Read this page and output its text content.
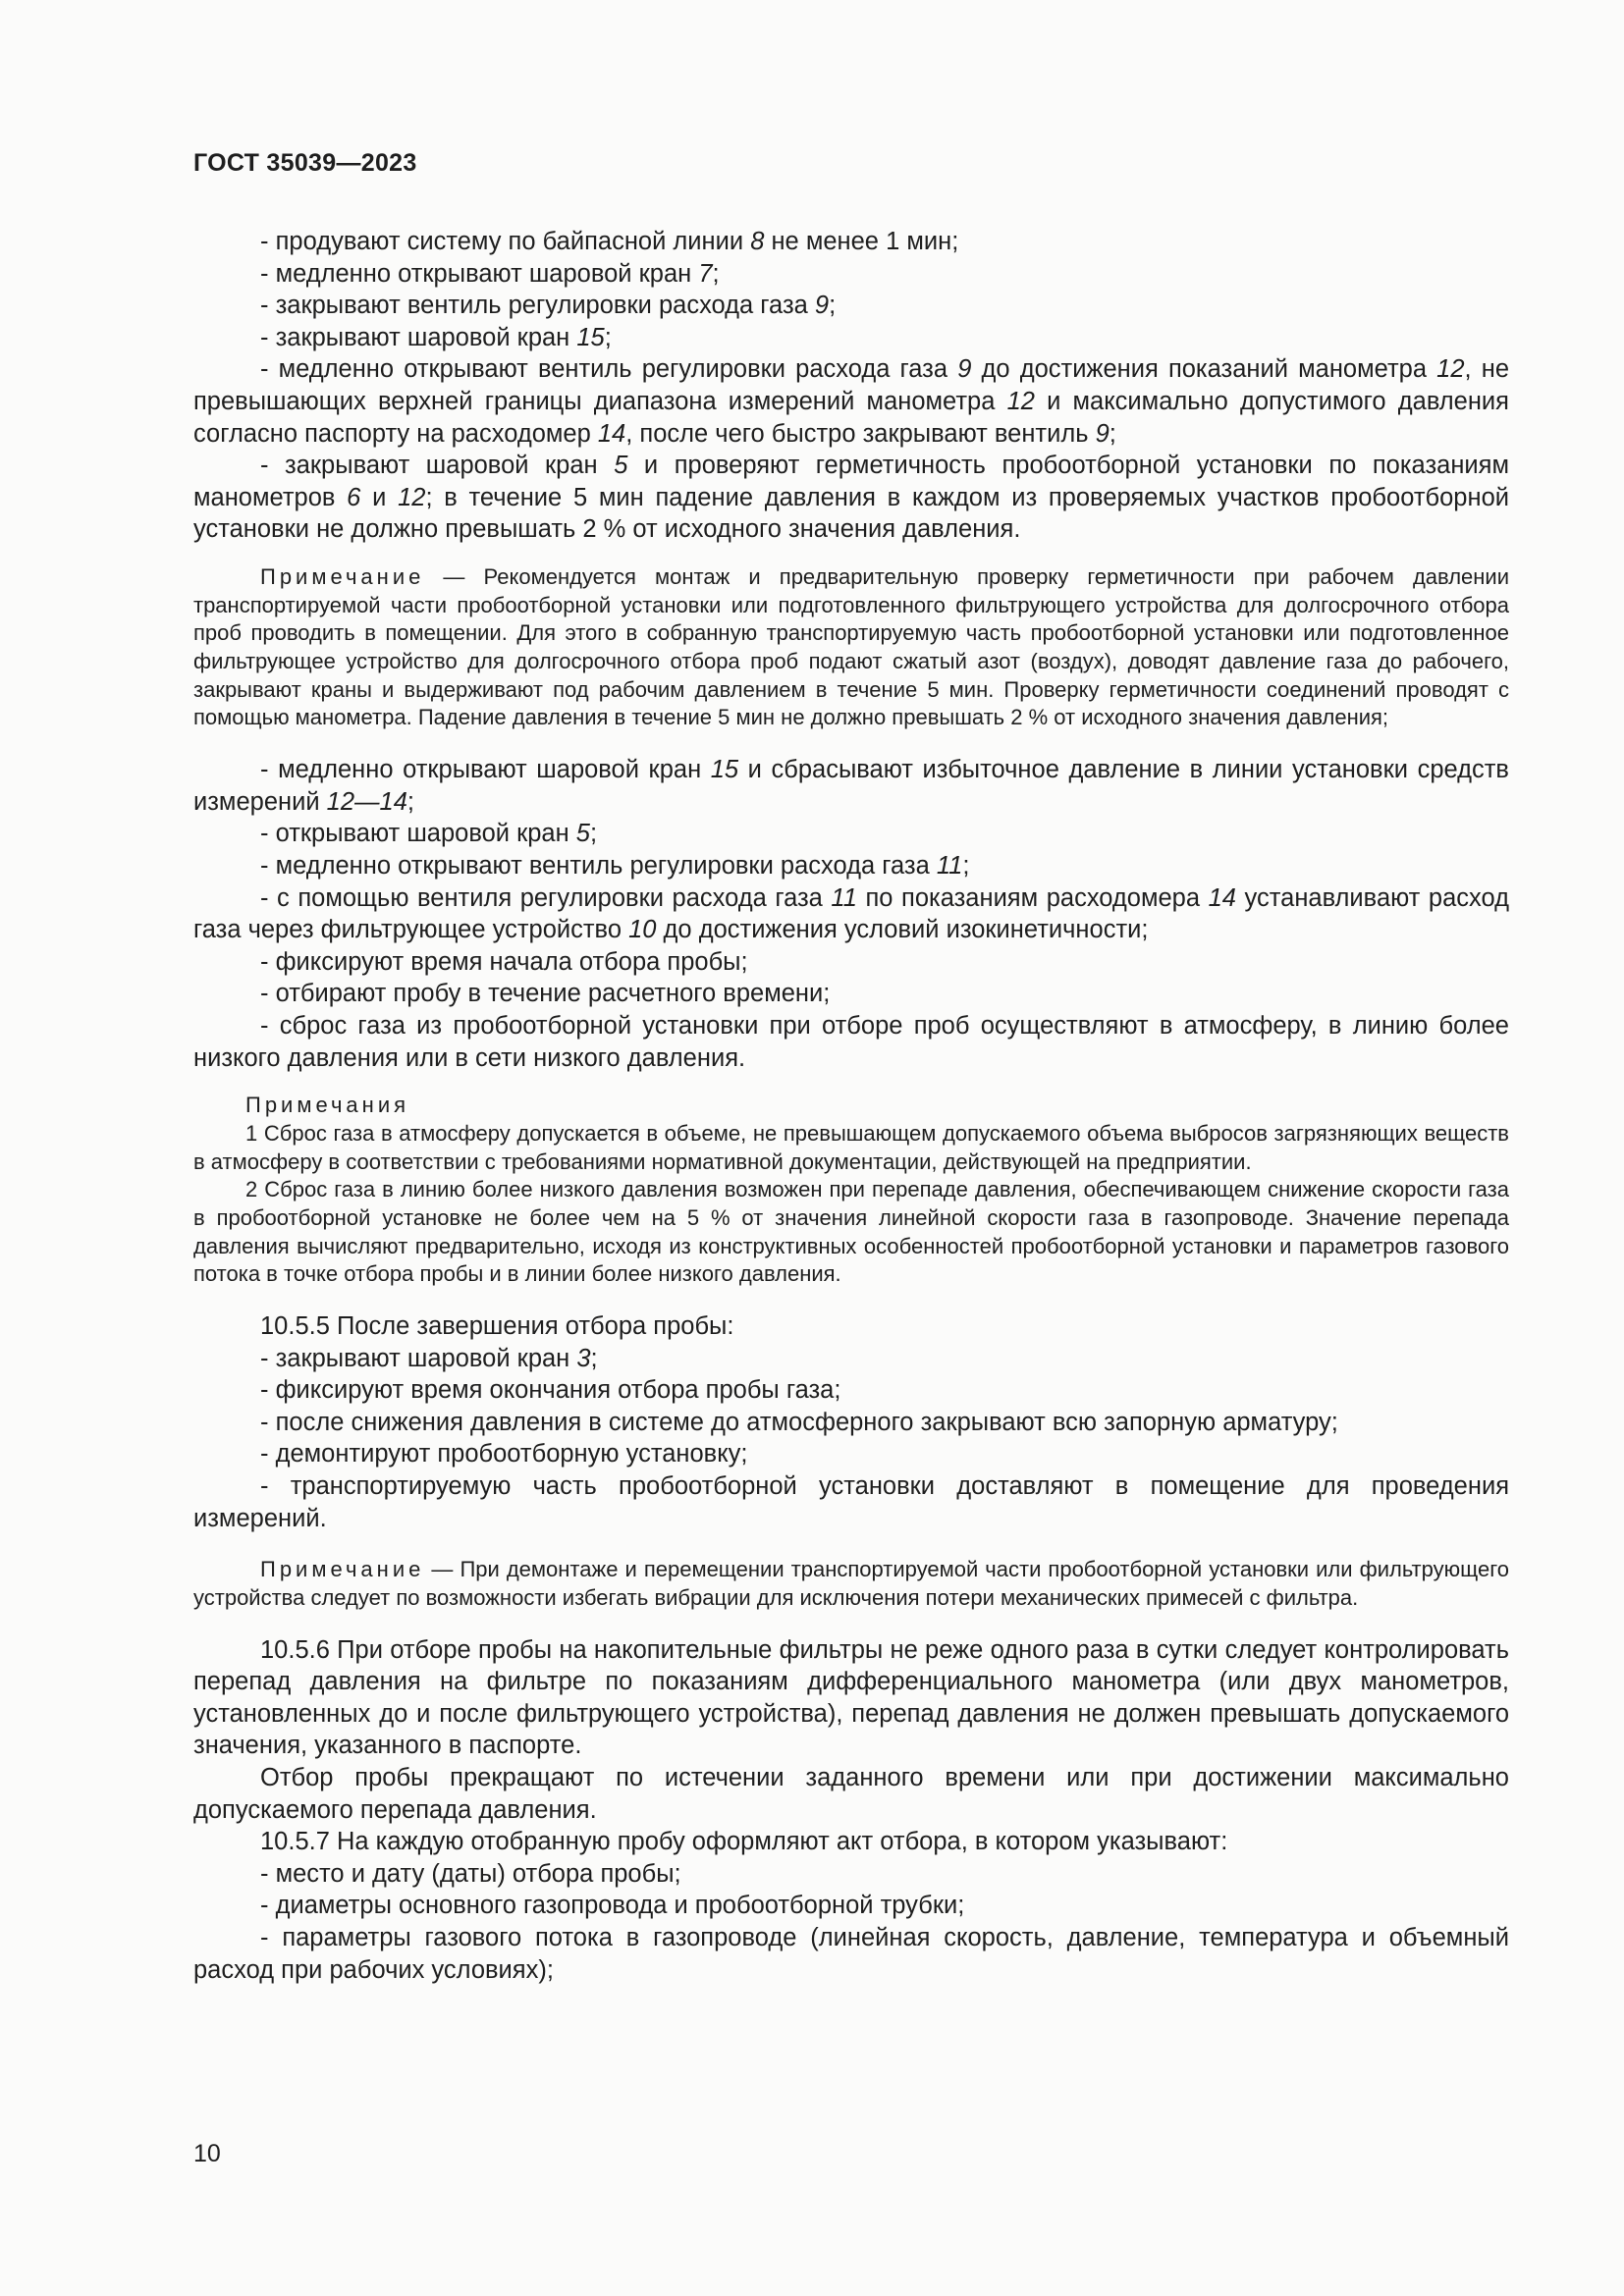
ГОСТ 35039—2023

- продувают систему по байпасной линии 8 не менее 1 мин;

- медленно открывают шаровой кран 7;

- закрывают вентиль регулировки расхода газа 9;

- закрывают шаровой кран 15;

- медленно открывают вентиль регулировки расхода газа 9 до достижения показаний манометра 12, не превышающих верхней границы диапазона измерений манометра 12 и максимально допустимого давления согласно паспорту на расходомер 14, после чего быстро закрывают вентиль 9;

- закрывают шаровой кран 5 и проверяют герметичность пробоотборной установки по показаниям манометров 6 и 12; в течение 5 мин падение давления в каждом из проверяемых участков пробоотборной установки не должно превышать 2 % от исходного значения давления.

Примечание — Рекомендуется монтаж и предварительную проверку герметичности при рабочем давлении транспортируемой части пробоотборной установки или подготовленного фильтрующего устройства для долгосрочного отбора проб проводить в помещении. Для этого в собранную транспортируемую часть пробоотборной установки или подготовленное фильтрующее устройство для долгосрочного отбора проб подают сжатый азот (воздух), доводят давление газа до рабочего, закрывают краны и выдерживают под рабочим давлением в течение 5 мин. Проверку герметичности соединений проводят с помощью манометра. Падение давления в течение 5 мин не должно превышать 2 % от исходного значения давления;

- медленно открывают шаровой кран 15 и сбрасывают избыточное давление в линии установки средств измерений 12—14;

- открывают шаровой кран 5;

- медленно открывают вентиль регулировки расхода газа 11;

- с помощью вентиля регулировки расхода газа 11 по показаниям расходомера 14 устанавливают расход газа через фильтрующее устройство 10 до достижения условий изокинетичности;

- фиксируют время начала отбора пробы;

- отбирают пробу в течение расчетного времени;

- сброс газа из пробоотборной установки при отборе проб осуществляют в атмосферу, в линию более низкого давления или в сети низкого давления.

Примечания

1 Сброс газа в атмосферу допускается в объеме, не превышающем допускаемого объема выбросов загрязняющих веществ в атмосферу в соответствии с требованиями нормативной документации, действующей на предприятии.

2 Сброс газа в линию более низкого давления возможен при перепаде давления, обеспечивающем снижение скорости газа в пробоотборной установке не более чем на 5 % от значения линейной скорости газа в газопроводе. Значение перепада давления вычисляют предварительно, исходя из конструктивных особенностей пробоотборной установки и параметров газового потока в точке отбора пробы и в линии более низкого давления.

10.5.5 После завершения отбора пробы:

- закрывают шаровой кран 3;

- фиксируют время окончания отбора пробы газа;

- после снижения давления в системе до атмосферного закрывают всю запорную арматуру;

- демонтируют пробоотборную установку;

- транспортируемую часть пробоотборной установки доставляют в помещение для проведения измерений.

Примечание — При демонтаже и перемещении транспортируемой части пробоотборной установки или фильтрующего устройства следует по возможности избегать вибрации для исключения потери механических примесей с фильтра.

10.5.6 При отборе пробы на накопительные фильтры не реже одного раза в сутки следует контролировать перепад давления на фильтре по показаниям дифференциального манометра (или двух манометров, установленных до и после фильтрующего устройства), перепад давления не должен превышать допускаемого значения, указанного в паспорте.

Отбор пробы прекращают по истечении заданного времени или при достижении максимально допускаемого перепада давления.

10.5.7 На каждую отобранную пробу оформляют акт отбора, в котором указывают:

- место и дату (даты) отбора пробы;

- диаметры основного газопровода и пробоотборной трубки;

- параметры газового потока в газопроводе (линейная скорость, давление, температура и объемный расход при рабочих условиях);

10
